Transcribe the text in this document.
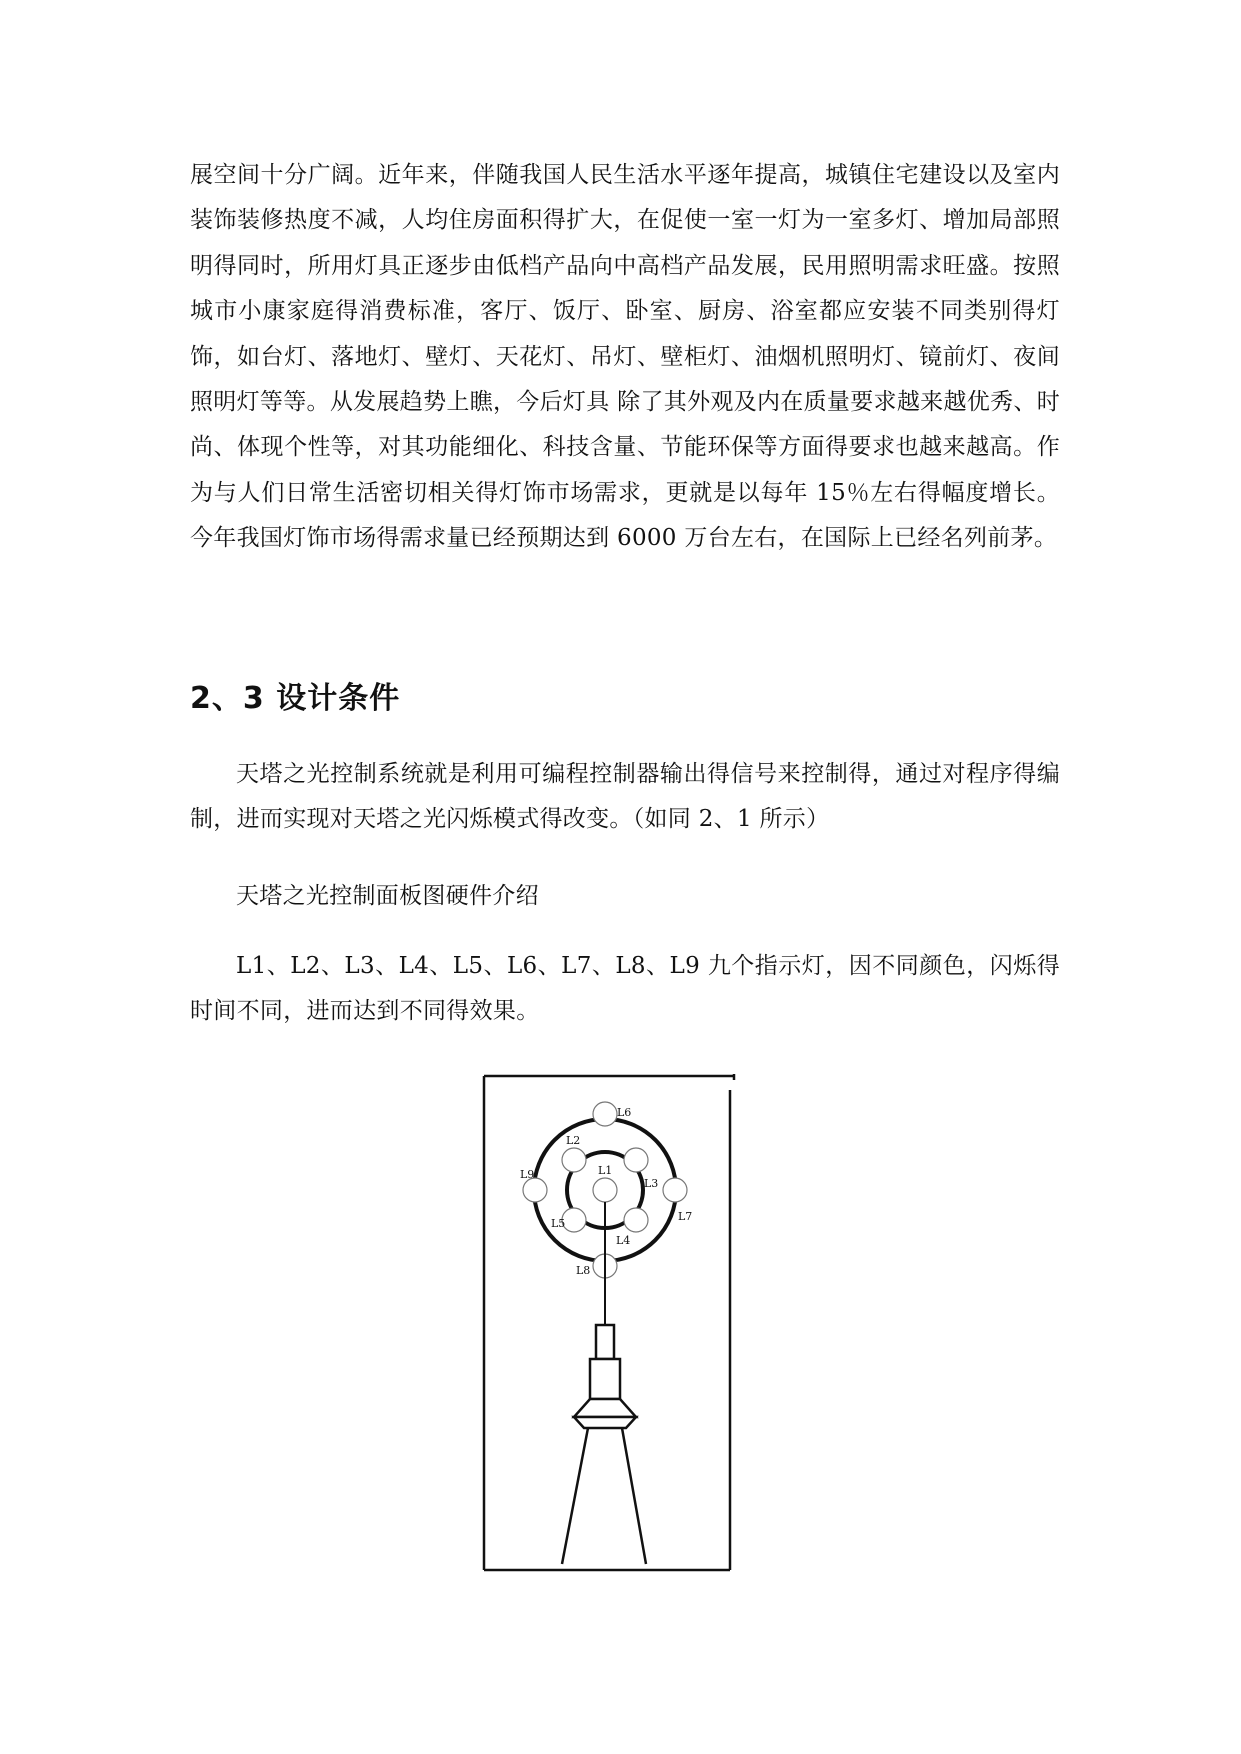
展空间十分广阔。近年来，伴随我国人民生活水平逐年提高，城镇住宅建设以及室内装饰装修热度不减，人均住房面积得扩大，在促使一室一灯为一室多灯、增加局部照明得同时，所用灯具正逐步由低档产品向中高档产品发展，民用照明需求旺盛。按照城市小康家庭得消费标准，客厅、饭厅、卧室、厨房、浴室都应安装不同类别得灯饰，如台灯、落地灯、壁灯、天花灯、吊灯、壁柜灯、油烟机照明灯、镜前灯、夜间照明灯等等。从发展趋势上瞧，今后灯具 除了其外观及内在质量要求越来越优秀、时尚、体现个性等，对其功能细化、科技含量、节能环保等方面得要求也越来越高。作为与人们日常生活密切相关得灯饰市场需求，更就是以每年 15％左右得幅度增长。今年我国灯饰市场得需求量已经预期达到 6000 万台左右，在国际上已经名列前茅。

2、3 设计条件

天塔之光控制系统就是利用可编程控制器输出得信号来控制得，通过对程序得编制，进而实现对天塔之光闪烁模式得改变。（如同 2、1 所示）

天塔之光控制面板图硬件介绍

L1、L2、L3、L4、L5、L6、L7、L8、L9 九个指示灯，因不同颜色，闪烁得时间不同，进而达到不同得效果。

L1
L2
L3
L4
L5
L6
L7
L8
L9
